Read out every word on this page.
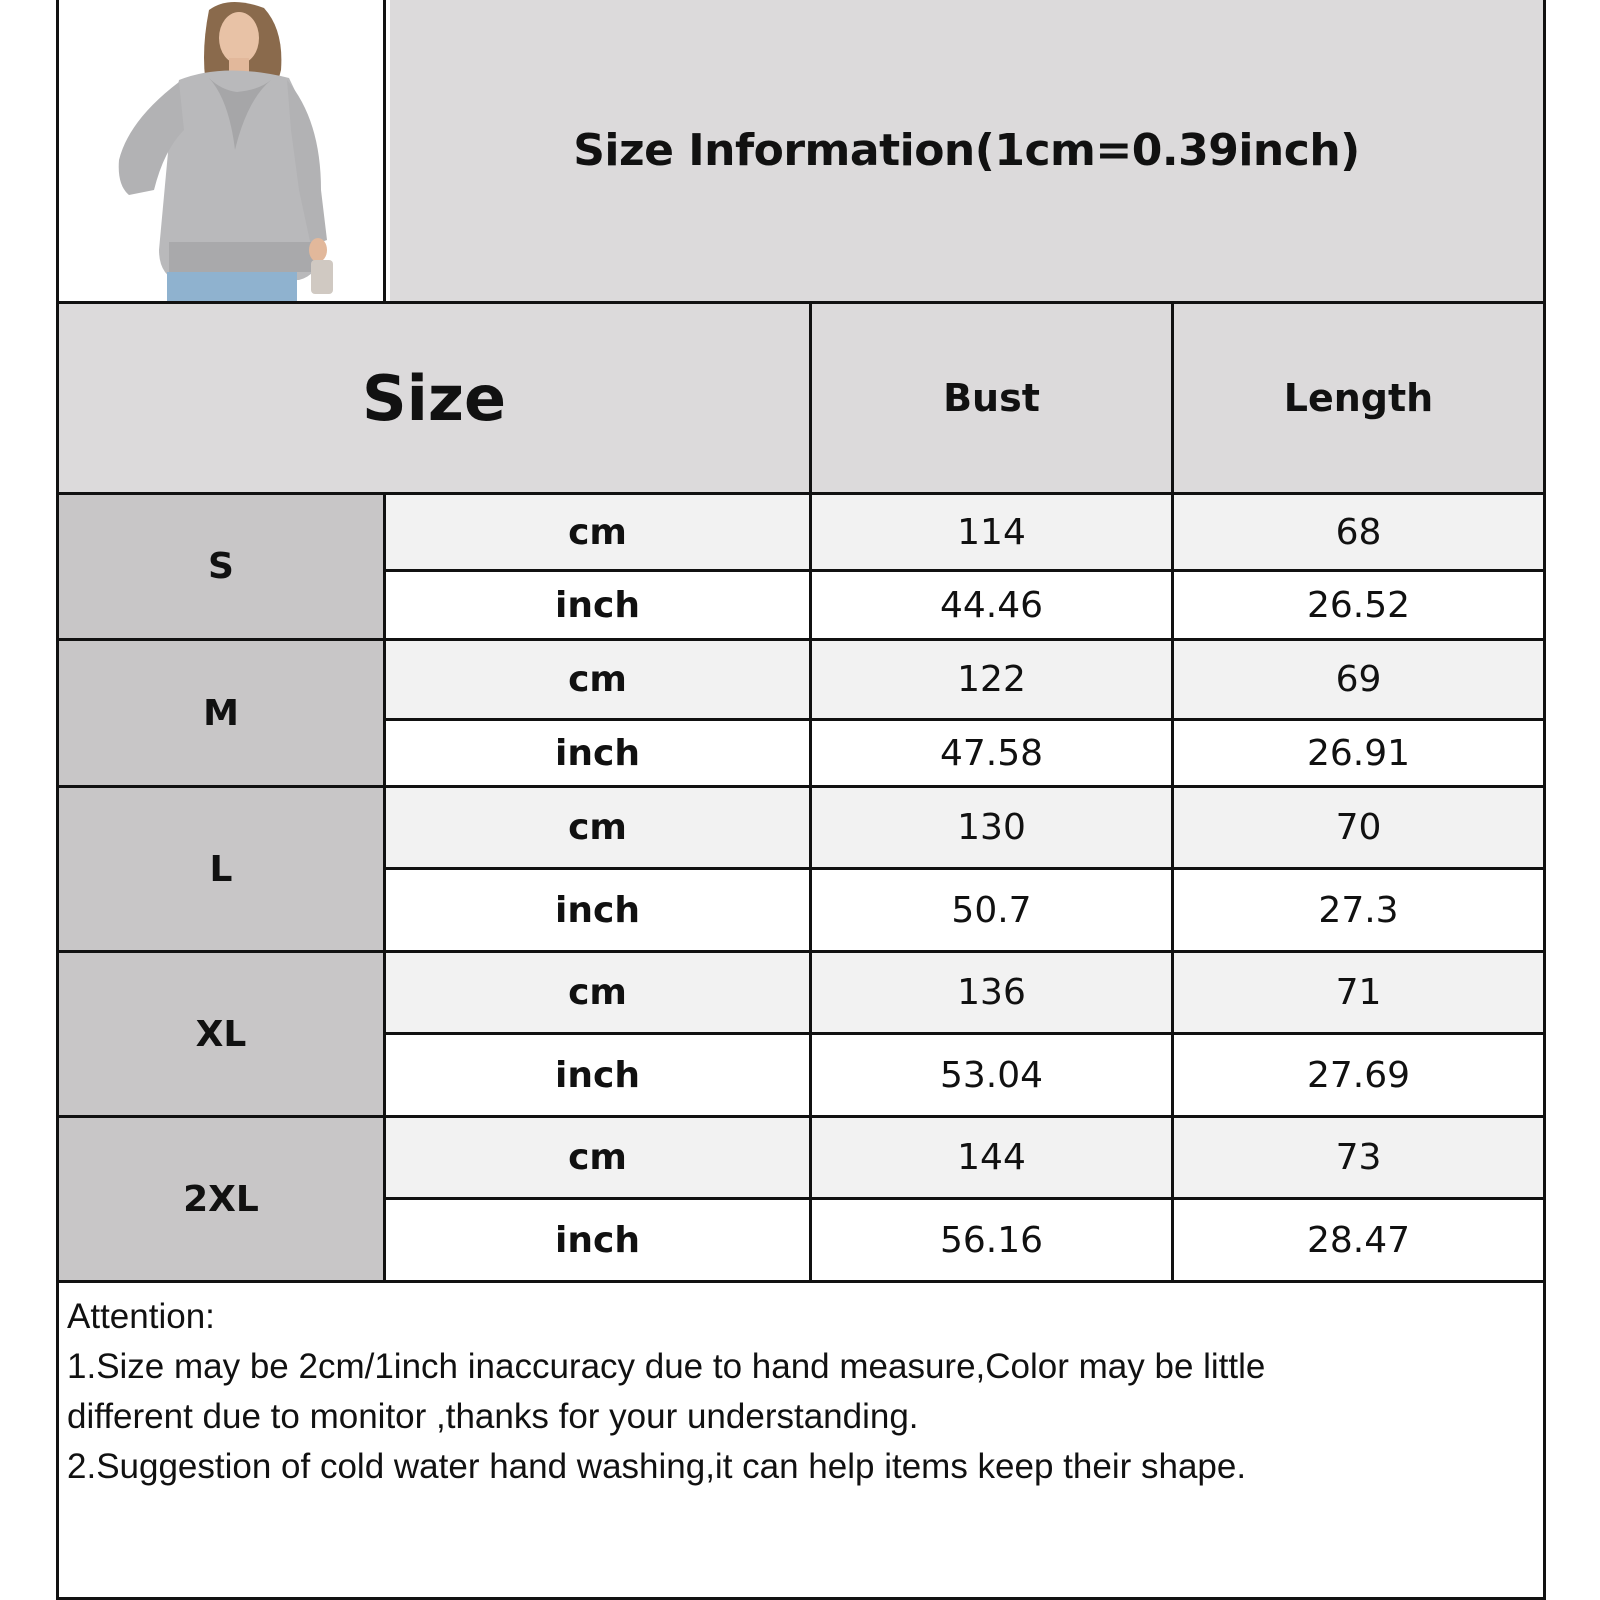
Size Information(1cm=0.39inch)
Size	Bust	Length
S
cm	114	68
inch	44.46	26.52
M
cm	122	69
inch	47.58	26.91
L
cm	130	70
inch	50.7	27.3
XL
cm	136	71
inch	53.04	27.69
2XL
cm	144	73
inch	56.16	28.47
Attention:
1.Size may be 2cm/1inch inaccuracy due to hand measure,Color may be little
different due to monitor ,thanks for your understanding.
2.Suggestion of cold water hand washing,it can help items keep their shape.
